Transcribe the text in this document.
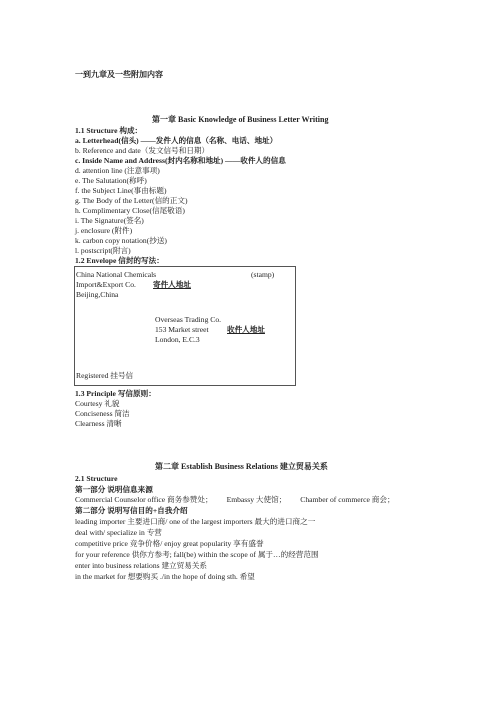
一到九章及一些附加内容
第一章 Basic Knowledge of Business Letter Writing
1.1 Structure 构成：
a. Letterhead(信头) ——发件人的信息（名称、电话、地址）
b. Reference and date（发文信号和日期）
c. Inside Name and Address(封内名称和地址) ——收件人的信息
d. attention line (注意事项)
e. The Salutation(称呼)
f. the Subject Line(事由标题)
g. The Body of the Letter(信的正文)
h. Complimentary Close(信尾敬语)
i. The Signature(签名)
j. enclosure (附件)
k. carbon copy notation(抄送)
l. postscript(附言)
1.2 Envelope 信封的写法：
China National Chemicals	(stamp)
Import&Export Co. 寄件人地址
Beijing,China
Overseas Trading Co.
153 Market street 收件人地址
London, E.C.3
Registered 挂号信
1.3 Principle 写信原则：
Courtesy 礼貌
Conciseness 简洁
Clearness 清晰
第二章 Establish Business Relations 建立贸易关系
2.1 Structure
第一部分 说明信息来源
Commercial Counselor office 商务参赞处； Embassy 大使馆； Chamber of commerce 商会；
第二部分 说明写信目的+自我介绍
leading importer 主要进口商/ one of the largest importers 最大的进口商之一
deal with/ specialize in 专营
competitive price 竞争价格/ enjoy great popularity 享有盛誉
for your reference 供你方参考; fall(be) within the scope of 属于…的经营范围
enter into business relations 建立贸易关系
in the market for 想要购买 ./in the hope of doing sth. 希望
